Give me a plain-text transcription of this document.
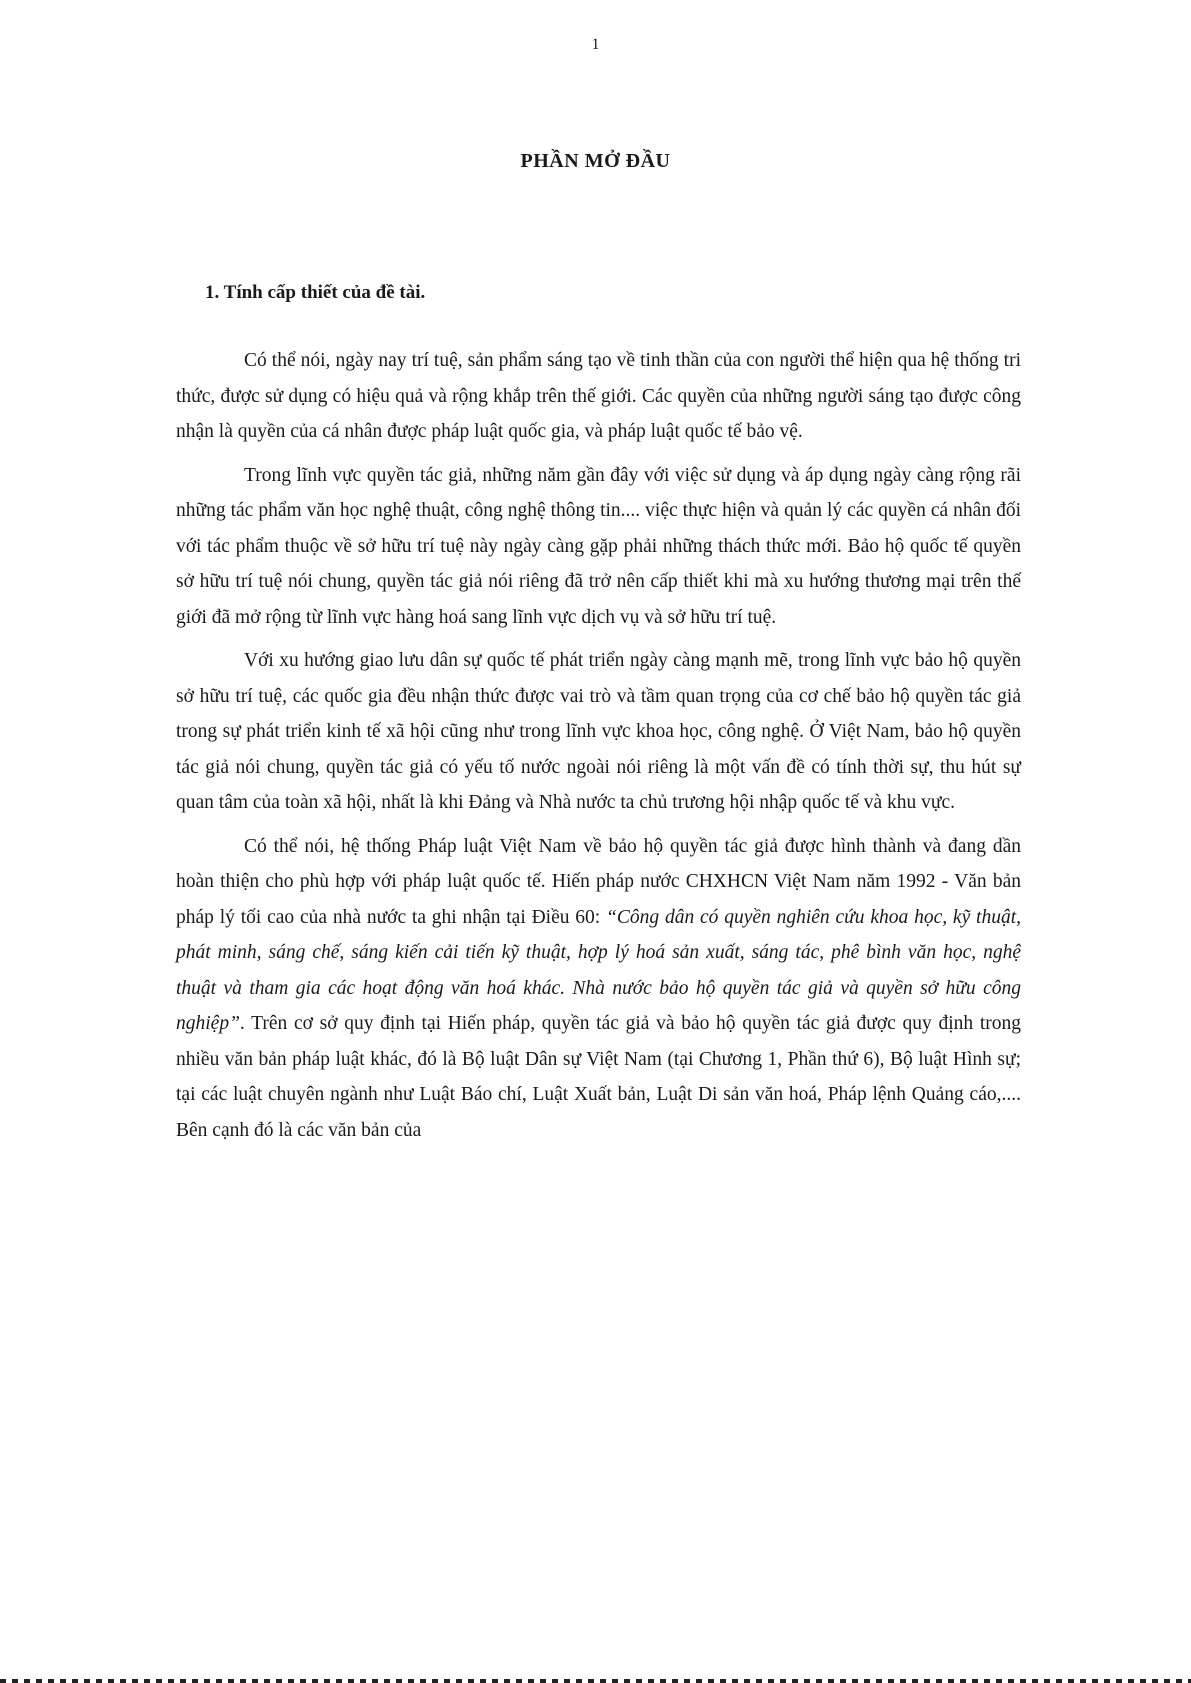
1
PHẦN MỞ ĐẦU
1. Tính cấp thiết của đề tài.

Có thể nói, ngày nay trí tuệ, sản phẩm sáng tạo về tinh thần của con người thể hiện qua hệ thống tri thức, được sử dụng có hiệu quả và rộng khắp trên thế giới. Các quyền của những người sáng tạo được công nhận là quyền của cá nhân được pháp luật quốc gia, và pháp luật quốc tế bảo vệ.

Trong lĩnh vực quyền tác giả, những năm gần đây với việc sử dụng và áp dụng ngày càng rộng rãi những tác phẩm văn học nghệ thuật, công nghệ thông tin.... việc thực hiện và quản lý các quyền cá nhân đối với tác phẩm thuộc về sở hữu trí tuệ này ngày càng gặp phải những thách thức mới. Bảo hộ quốc tế quyền sở hữu trí tuệ nói chung, quyền tác giả nói riêng đã trở nên cấp thiết khi mà xu hướng thương mại trên thế giới đã mở rộng từ lĩnh vực hàng hoá sang lĩnh vực dịch vụ và sở hữu trí tuệ.

Với xu hướng giao lưu dân sự quốc tế phát triển ngày càng mạnh mẽ, trong lĩnh vực bảo hộ quyền sở hữu trí tuệ, các quốc gia đều nhận thức được vai trò và tầm quan trọng của cơ chế bảo hộ quyền tác giả trong sự phát triển kinh tế xã hội cũng như trong lĩnh vực khoa học, công nghệ. Ở Việt Nam, bảo hộ quyền tác giả nói chung, quyền tác giả có yếu tố nước ngoài nói riêng là một vấn đề có tính thời sự, thu hút sự quan tâm của toàn xã hội, nhất là khi Đảng và Nhà nước ta chủ trương hội nhập quốc tế và khu vực.

Có thể nói, hệ thống Pháp luật Việt Nam về bảo hộ quyền tác giả được hình thành và đang dần hoàn thiện cho phù hợp với pháp luật quốc tế. Hiến pháp nước CHXHCN Việt Nam năm 1992 - Văn bản pháp lý tối cao của nhà nước ta ghi nhận tại Điều 60: “Công dân có quyền nghiên cứu khoa học, kỹ thuật, phát minh, sáng chế, sáng kiến cải tiến kỹ thuật, hợp lý hoá sản xuất, sáng tác, phê bình văn học, nghệ thuật và tham gia các hoạt động văn hoá khác. Nhà nước bảo hộ quyền tác giả và quyền sở hữu công nghiệp”. Trên cơ sở quy định tại Hiến pháp, quyền tác giả và bảo hộ quyền tác giả được quy định trong nhiều văn bản pháp luật khác, đó là Bộ luật Dân sự Việt Nam (tại Chương 1, Phần thứ 6), Bộ luật Hình sự; tại các luật chuyên ngành như Luật Báo chí, Luật Xuất bản, Luật Di sản văn hoá, Pháp lệnh Quảng cáo,.... Bên cạnh đó là các văn bản của
